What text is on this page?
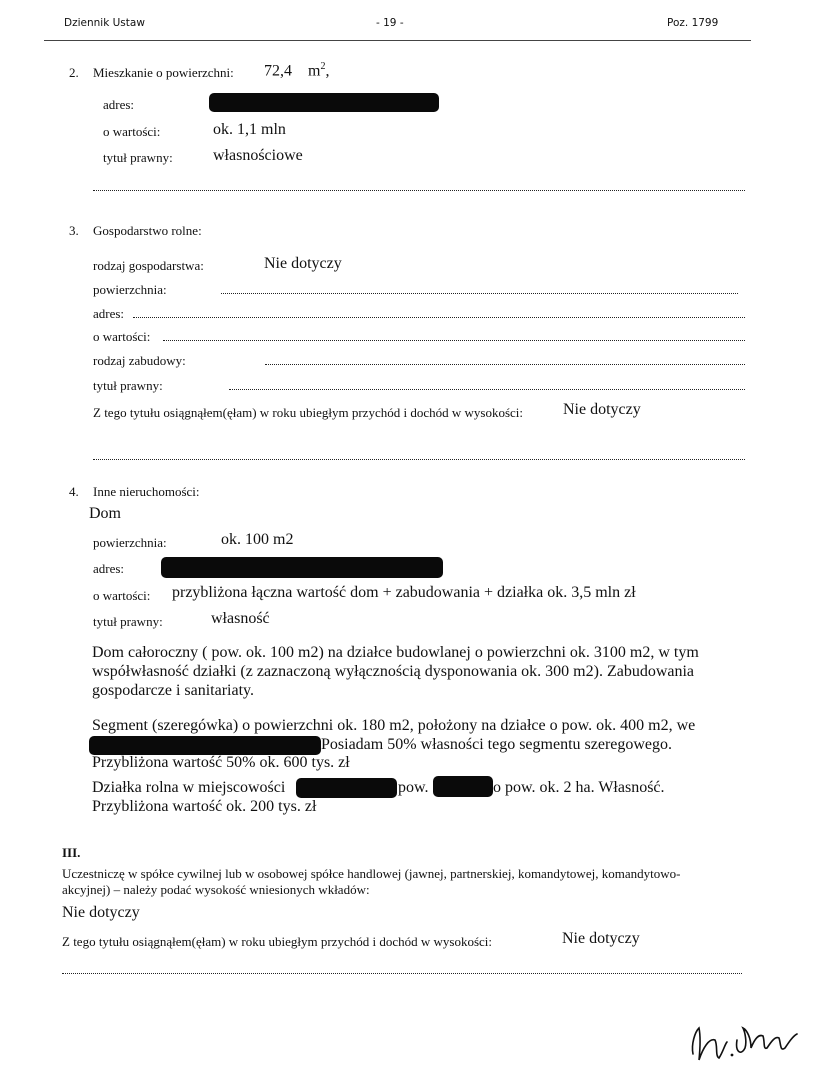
Dziennik Ustaw	- 19 -	Poz. 1799
2. Mieszkanie o powierzchni: 72,4 $m^2$,
adres:
o wartości:	ok. 1,1 mln
tytuł prawny:	własnościowe
3. Gospodarstwo rolne:
rodzaj gospodarstwa:	Nie dotyczy
powierzchnia:
adres:
o wartości:
rodzaj zabudowy:
tytuł prawny:
Z tego tytułu osiągnąłem(ęłam) w roku ubiegłym przychód i dochód w wysokości:	Nie dotyczy
4. Inne nieruchomości:
Dom
powierzchnia:	ok. 100 m2
adres:
o wartości: przybliżona łączna wartość dom + zabudowania + działka ok. 3,5 mln zł
tytuł prawny:	własność
Dom całoroczny ( pow. ok. 100 m2) na działce budowlanej o powierzchni ok. 3100 m2, w tym współwłasność działki (z zaznaczoną wyłącznością dysponowania ok. 300 m2). Zabudowania gospodarcze i sanitariaty.
Segment (szeregówka) o powierzchni ok. 180 m2, położony na działce o pow. ok. 400 m2, we
Posiadam 50% własności tego segmentu szeregowego.
Przybliżona wartość 50% ok. 600 tys. zł
Działka rolna w miejscowości	pow.	o pow. ok. 2 ha. Własność.
Przybliżona wartość ok. 200 tys. zł
III.
Uczestniczę w spółce cywilnej lub w osobowej spółce handlowej (jawnej, partnerskiej, komandytowej, komandytowo-
akcyjnej) – należy podać wysokość wniesionych wkładów:
Nie dotyczy
Z tego tytułu osiągnąłem(ęłam) w roku ubiegłym przychód i dochód w wysokości:	Nie dotyczy
